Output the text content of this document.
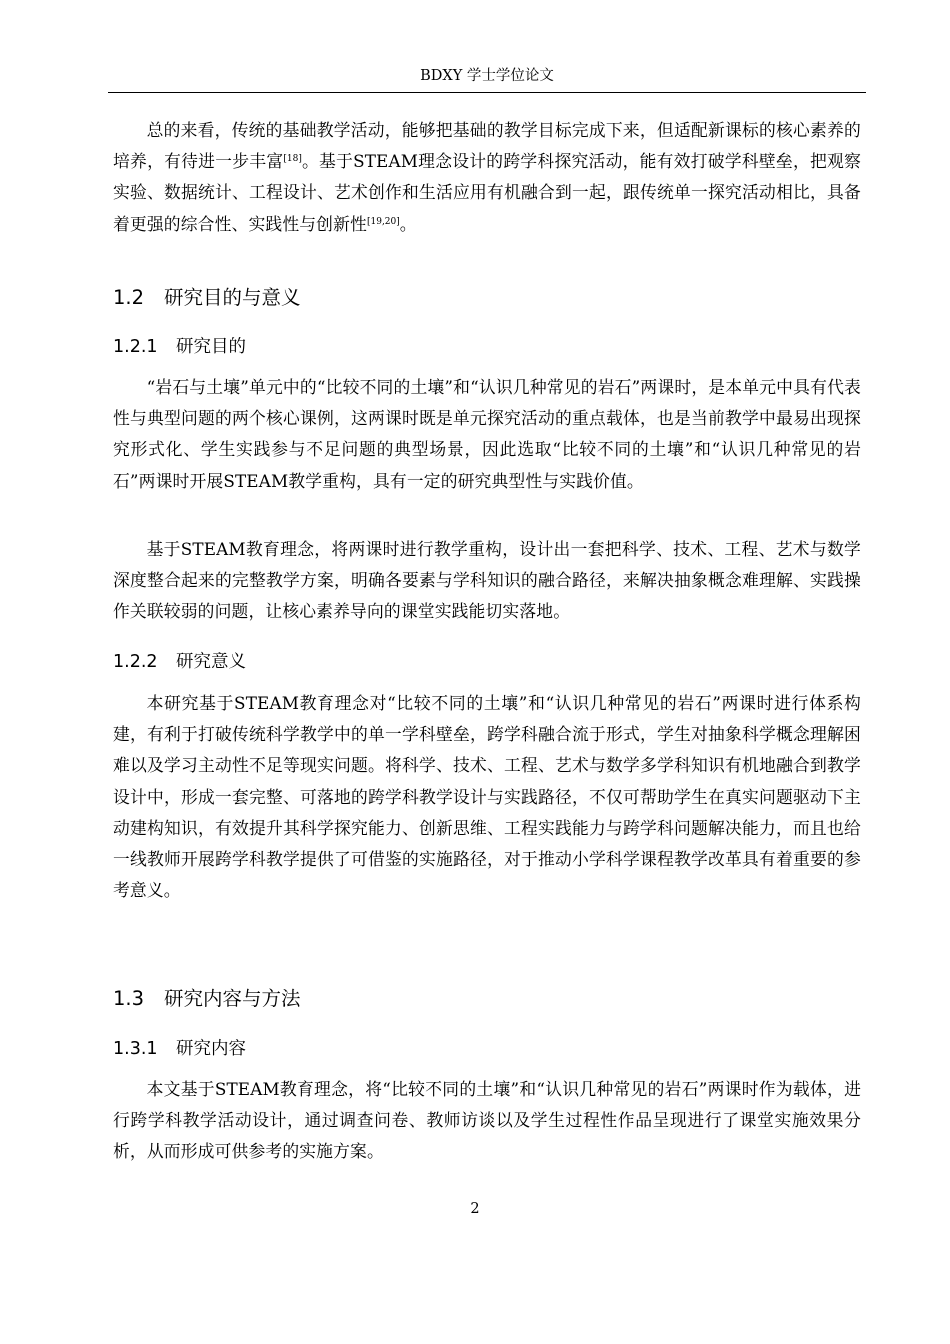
BDXY 学士学位论文

总的来看，传统的基础教学活动，能够把基础的教学目标完成下来，但适配新课标的核心素养的培养，有待进一步丰富[18]。基于STEAM理念设计的跨学科探究活动，能有效打破学科壁垒，把观察实验、数据统计、工程设计、艺术创作和生活应用有机融合到一起，跟传统单一探究活动相比，具备着更强的综合性、实践性与创新性[19,20]。

1.2 研究目的与意义
1.2.1 研究目的

“岩石与土壤”单元中的“比较不同的土壤”和“认识几种常见的岩石”两课时，是本单元中具有代表性与典型问题的两个核心课例，这两课时既是单元探究活动的重点载体，也是当前教学中最易出现探究形式化、学生实践参与不足问题的典型场景，因此选取“比较不同的土壤”和“认识几种常见的岩石”两课时开展STEAM教学重构，具有一定的研究典型性与实践价值。

基于STEAM教育理念，将两课时进行教学重构，设计出一套把科学、技术、工程、艺术与数学深度整合起来的完整教学方案，明确各要素与学科知识的融合路径，来解决抽象概念难理解、实践操作关联较弱的问题，让核心素养导向的课堂实践能切实落地。

1.2.2 研究意义

本研究基于STEAM教育理念对“比较不同的土壤”和“认识几种常见的岩石”两课时进行体系构建，有利于打破传统科学教学中的单一学科壁垒，跨学科融合流于形式，学生对抽象科学概念理解困难以及学习主动性不足等现实问题。将科学、技术、工程、艺术与数学多学科知识有机地融合到教学设计中，形成一套完整、可落地的跨学科教学设计与实践路径，不仅可帮助学生在真实问题驱动下主动建构知识，有效提升其科学探究能力、创新思维、工程实践能力与跨学科问题解决能力，而且也给一线教师开展跨学科教学提供了可借鉴的实施路径，对于推动小学科学课程教学改革具有着重要的参考意义。

1.3 研究内容与方法
1.3.1 研究内容

本文基于STEAM教育理念，将“比较不同的土壤”和“认识几种常见的岩石”两课时作为载体，进行跨学科教学活动设计，通过调查问卷、教师访谈以及学生过程性作品呈现进行了课堂实施效果分析，从而形成可供参考的实施方案。

2
